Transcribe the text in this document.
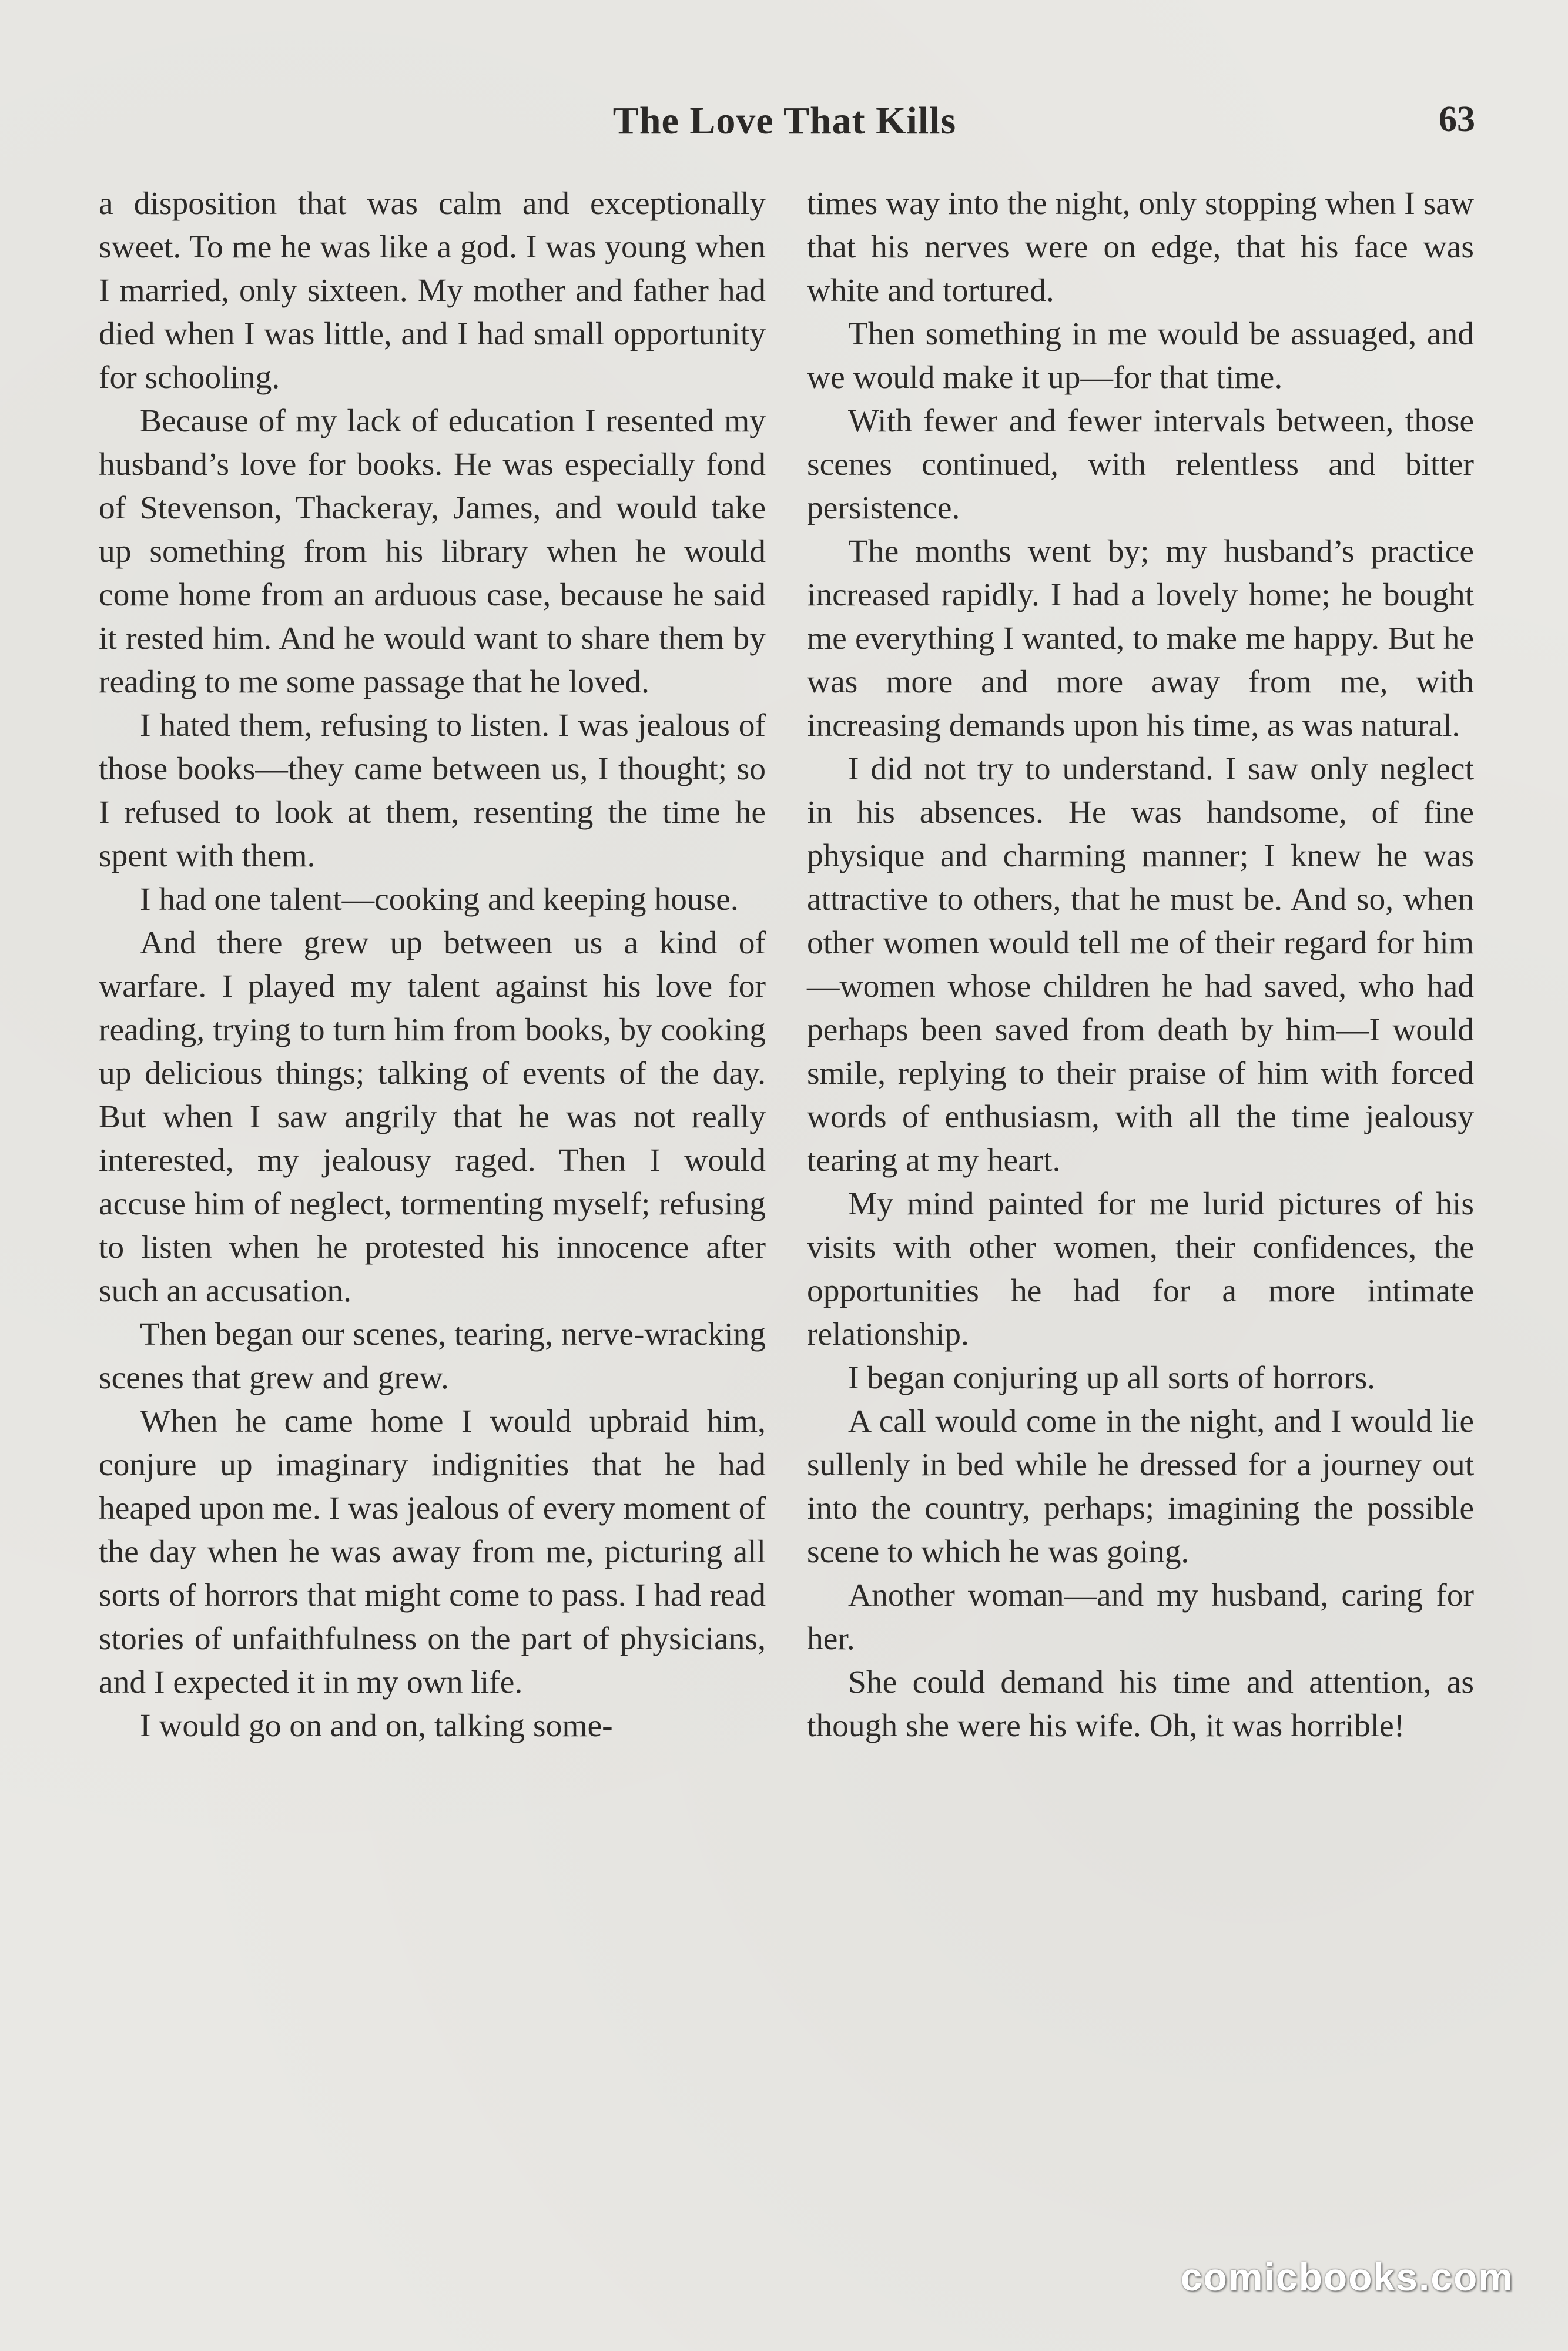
The Love That Kills	63

a disposition that was calm and exceptionally sweet. To me he was like a god. I was young when I married, only sixteen. My mother and father had died when I was little, and I had small opportunity for schooling.

Because of my lack of education I resented my husband’s love for books. He was especially fond of Stevenson, Thackeray, James, and would take up something from his library when he would come home from an arduous case, because he said it rested him. And he would want to share them by reading to me some passage that he loved.

I hated them, refusing to listen. I was jealous of those books—they came between us, I thought; so I refused to look at them, resenting the time he spent with them.

I had one talent—cooking and keeping house.

And there grew up between us a kind of warfare. I played my talent against his love for reading, trying to turn him from books, by cooking up delicious things; talking of events of the day. But when I saw angrily that he was not really interested, my jealousy raged. Then I would accuse him of neglect, tormenting myself; refusing to listen when he protested his innocence after such an accusation.

Then began our scenes, tearing, nerve-wracking scenes that grew and grew.

When he came home I would upbraid him, conjure up imaginary indignities that he had heaped upon me. I was jealous of every moment of the day when he was away from me, picturing all sorts of horrors that might come to pass. I had read stories of unfaithfulness on the part of physicians, and I expected it in my own life.

I would go on and on, talking some-

times way into the night, only stopping when I saw that his nerves were on edge, that his face was white and tortured.

Then something in me would be assuaged, and we would make it up—for that time.

With fewer and fewer intervals between, those scenes continued, with relentless and bitter persistence.

The months went by; my husband’s practice increased rapidly. I had a lovely home; he bought me everything I wanted, to make me happy. But he was more and more away from me, with increasing demands upon his time, as was natural.

I did not try to understand. I saw only neglect in his absences. He was handsome, of fine physique and charming manner; I knew he was attractive to others, that he must be. And so, when other women would tell me of their regard for him—women whose children he had saved, who had perhaps been saved from death by him—I would smile, replying to their praise of him with forced words of enthusiasm, with all the time jealousy tearing at my heart.

My mind painted for me lurid pictures of his visits with other women, their confidences, the opportunities he had for a more intimate relationship.

I began conjuring up all sorts of horrors.

A call would come in the night, and I would lie sullenly in bed while he dressed for a journey out into the country, perhaps; imagining the possible scene to which he was going.

Another woman—and my husband, caring for her.

She could demand his time and attention, as though she were his wife. Oh, it was horrible!

comicbooks.com
